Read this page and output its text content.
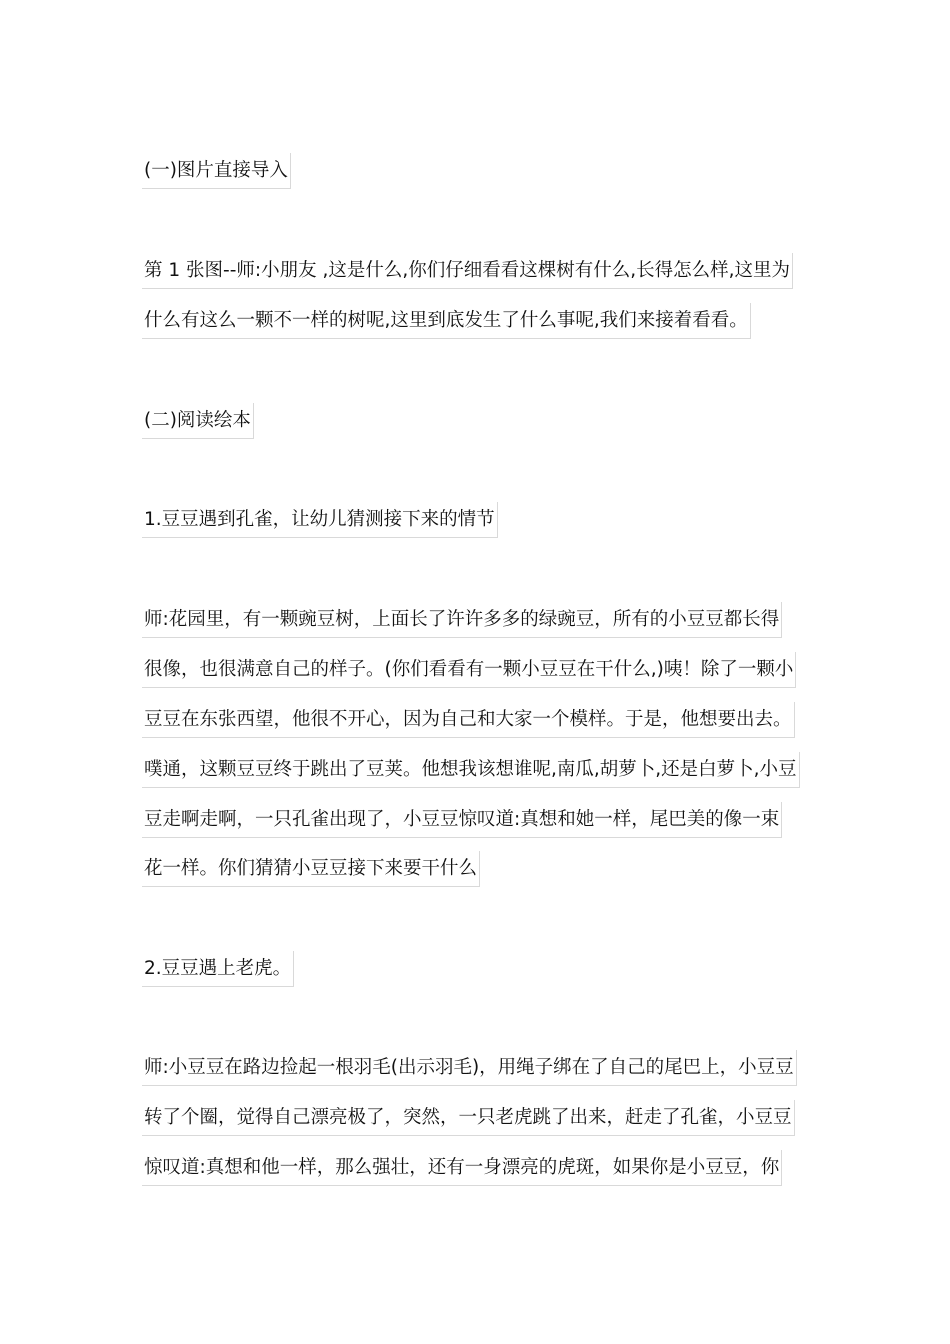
(一)图片直接导入
第 1 张图--师:小朋友 ,这是什么,你们仔细看看这棵树有什么,长得怎么样,这里为
什么有这么一颗不一样的树呢,这里到底发生了什么事呢,我们来接着看看。
(二)阅读绘本
1.豆豆遇到孔雀，让幼儿猜测接下来的情节
师:花园里，有一颗豌豆树，上面长了许许多多的绿豌豆，所有的小豆豆都长得
很像，也很满意自己的样子。(你们看看有一颗小豆豆在干什么,)咦！除了一颗小
豆豆在东张西望，他很不开心，因为自己和大家一个模样。于是，他想要出去。
噗通，这颗豆豆终于跳出了豆荚。他想我该想谁呢,南瓜,胡萝卜,还是白萝卜,小豆
豆走啊走啊，一只孔雀出现了，小豆豆惊叹道:真想和她一样，尾巴美的像一束
花一样。你们猜猜小豆豆接下来要干什么
2.豆豆遇上老虎。
师:小豆豆在路边捡起一根羽毛(出示羽毛)，用绳子绑在了自己的尾巴上，小豆豆
转了个圈，觉得自己漂亮极了，突然，一只老虎跳了出来，赶走了孔雀，小豆豆
惊叹道:真想和他一样，那么强壮，还有一身漂亮的虎斑，如果你是小豆豆，你
